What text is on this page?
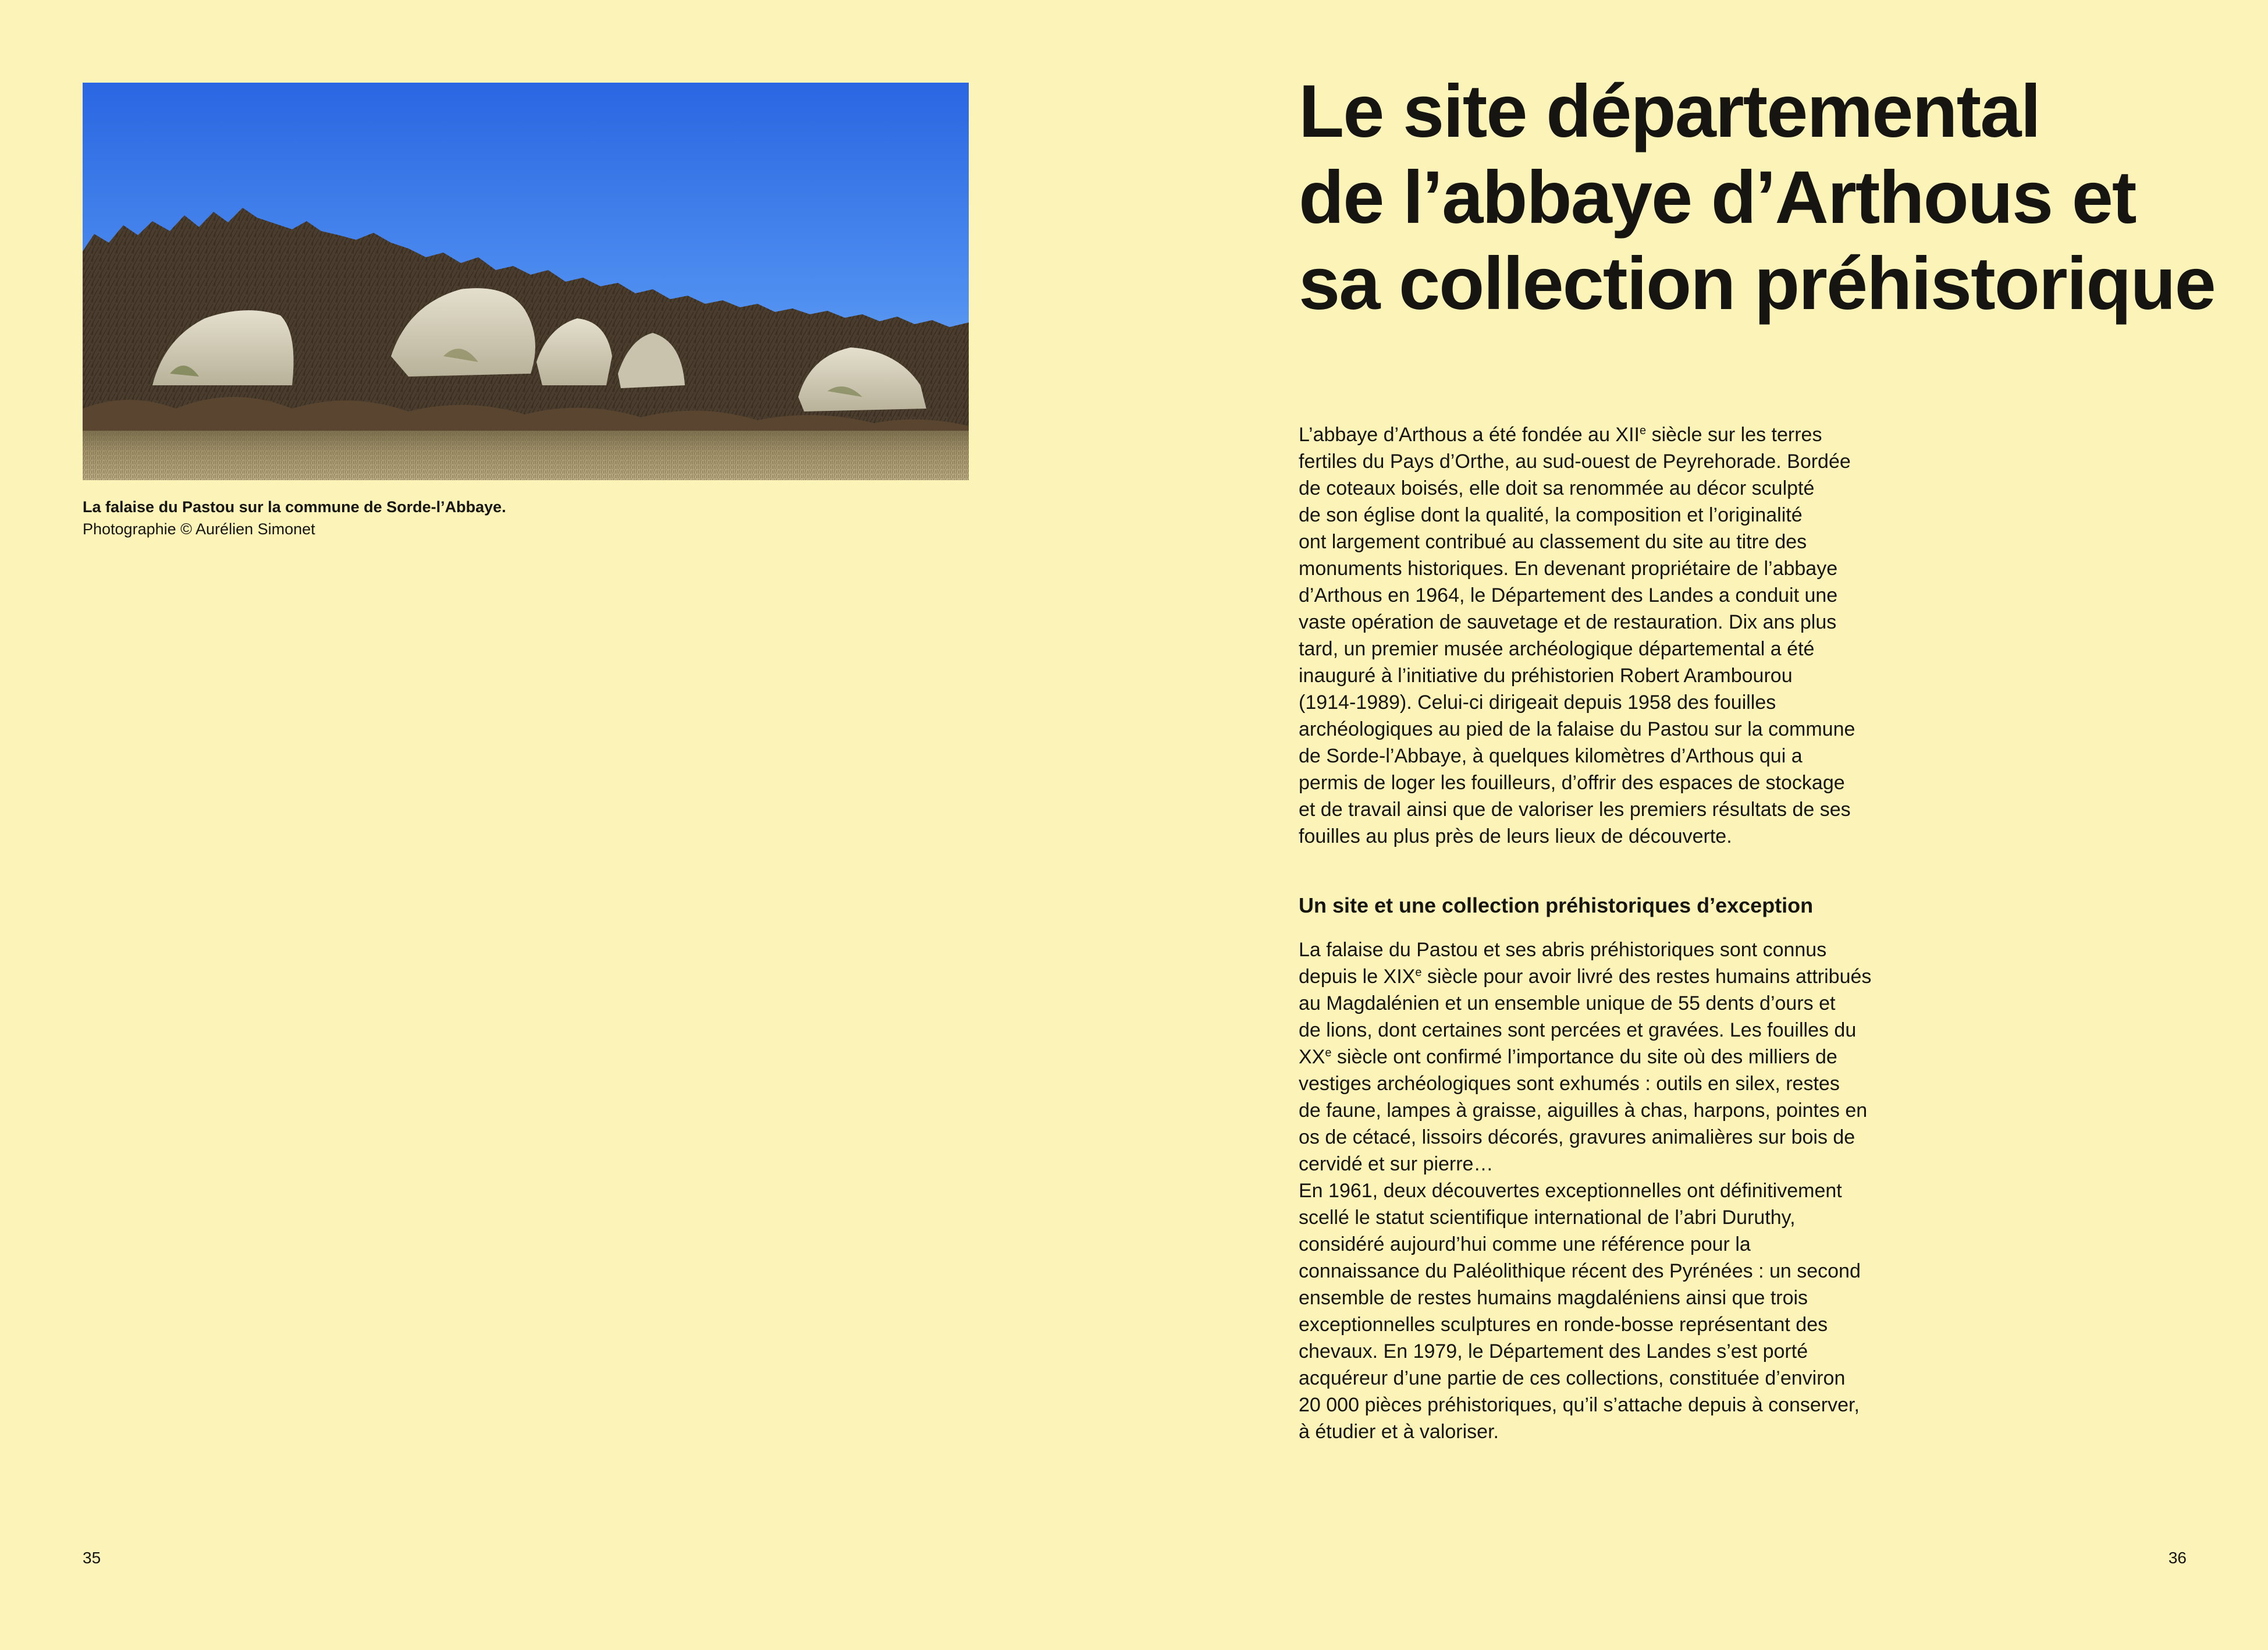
La falaise du Pastou sur la commune de Sorde-l’Abbaye.
Photographie © Aurélien Simonet
35
Le site départemental
de l’abbaye d’Arthous et
sa collection préhistorique

L’abbaye d’Arthous a été fondée au XIIe siècle sur les terres
fertiles du Pays d’Orthe, au sud-ouest de Peyrehorade. Bordée
de coteaux boisés, elle doit sa renommée au décor sculpté
de son église dont la qualité, la composition et l’originalité
ont largement contribué au classement du site au titre des
monuments historiques. En devenant propriétaire de l’abbaye
d’Arthous en 1964, le Département des Landes a conduit une
vaste opération de sauvetage et de restauration. Dix ans plus
tard, un premier musée archéologique départemental a été
inauguré à l’initiative du préhistorien Robert Arambourou
(1914-1989). Celui-ci dirigeait depuis 1958 des fouilles
archéologiques au pied de la falaise du Pastou sur la commune
de Sorde-l’Abbaye, à quelques kilomètres d’Arthous qui a
permis de loger les fouilleurs, d’offrir des espaces de stockage
et de travail ainsi que de valoriser les premiers résultats de ses
fouilles au plus près de leurs lieux de découverte.

Un site et une collection préhistoriques d’exception

La falaise du Pastou et ses abris préhistoriques sont connus
depuis le XIXe siècle pour avoir livré des restes humains attribués
au Magdalénien et un ensemble unique de 55 dents d’ours et
de lions, dont certaines sont percées et gravées. Les fouilles du
XXe siècle ont confirmé l’importance du site où des milliers de
vestiges archéologiques sont exhumés : outils en silex, restes
de faune, lampes à graisse, aiguilles à chas, harpons, pointes en
os de cétacé, lissoirs décorés, gravures animalières sur bois de
cervidé et sur pierre…
En 1961, deux découvertes exceptionnelles ont définitivement
scellé le statut scientifique international de l’abri Duruthy,
considéré aujourd’hui comme une référence pour la
connaissance du Paléolithique récent des Pyrénées : un second
ensemble de restes humains magdaléniens ainsi que trois
exceptionnelles sculptures en ronde-bosse représentant des
chevaux. En 1979, le Département des Landes s’est porté
acquéreur d’une partie de ces collections, constituée d’environ
20 000 pièces préhistoriques, qu’il s’attache depuis à conserver,
à étudier et à valoriser.

36
